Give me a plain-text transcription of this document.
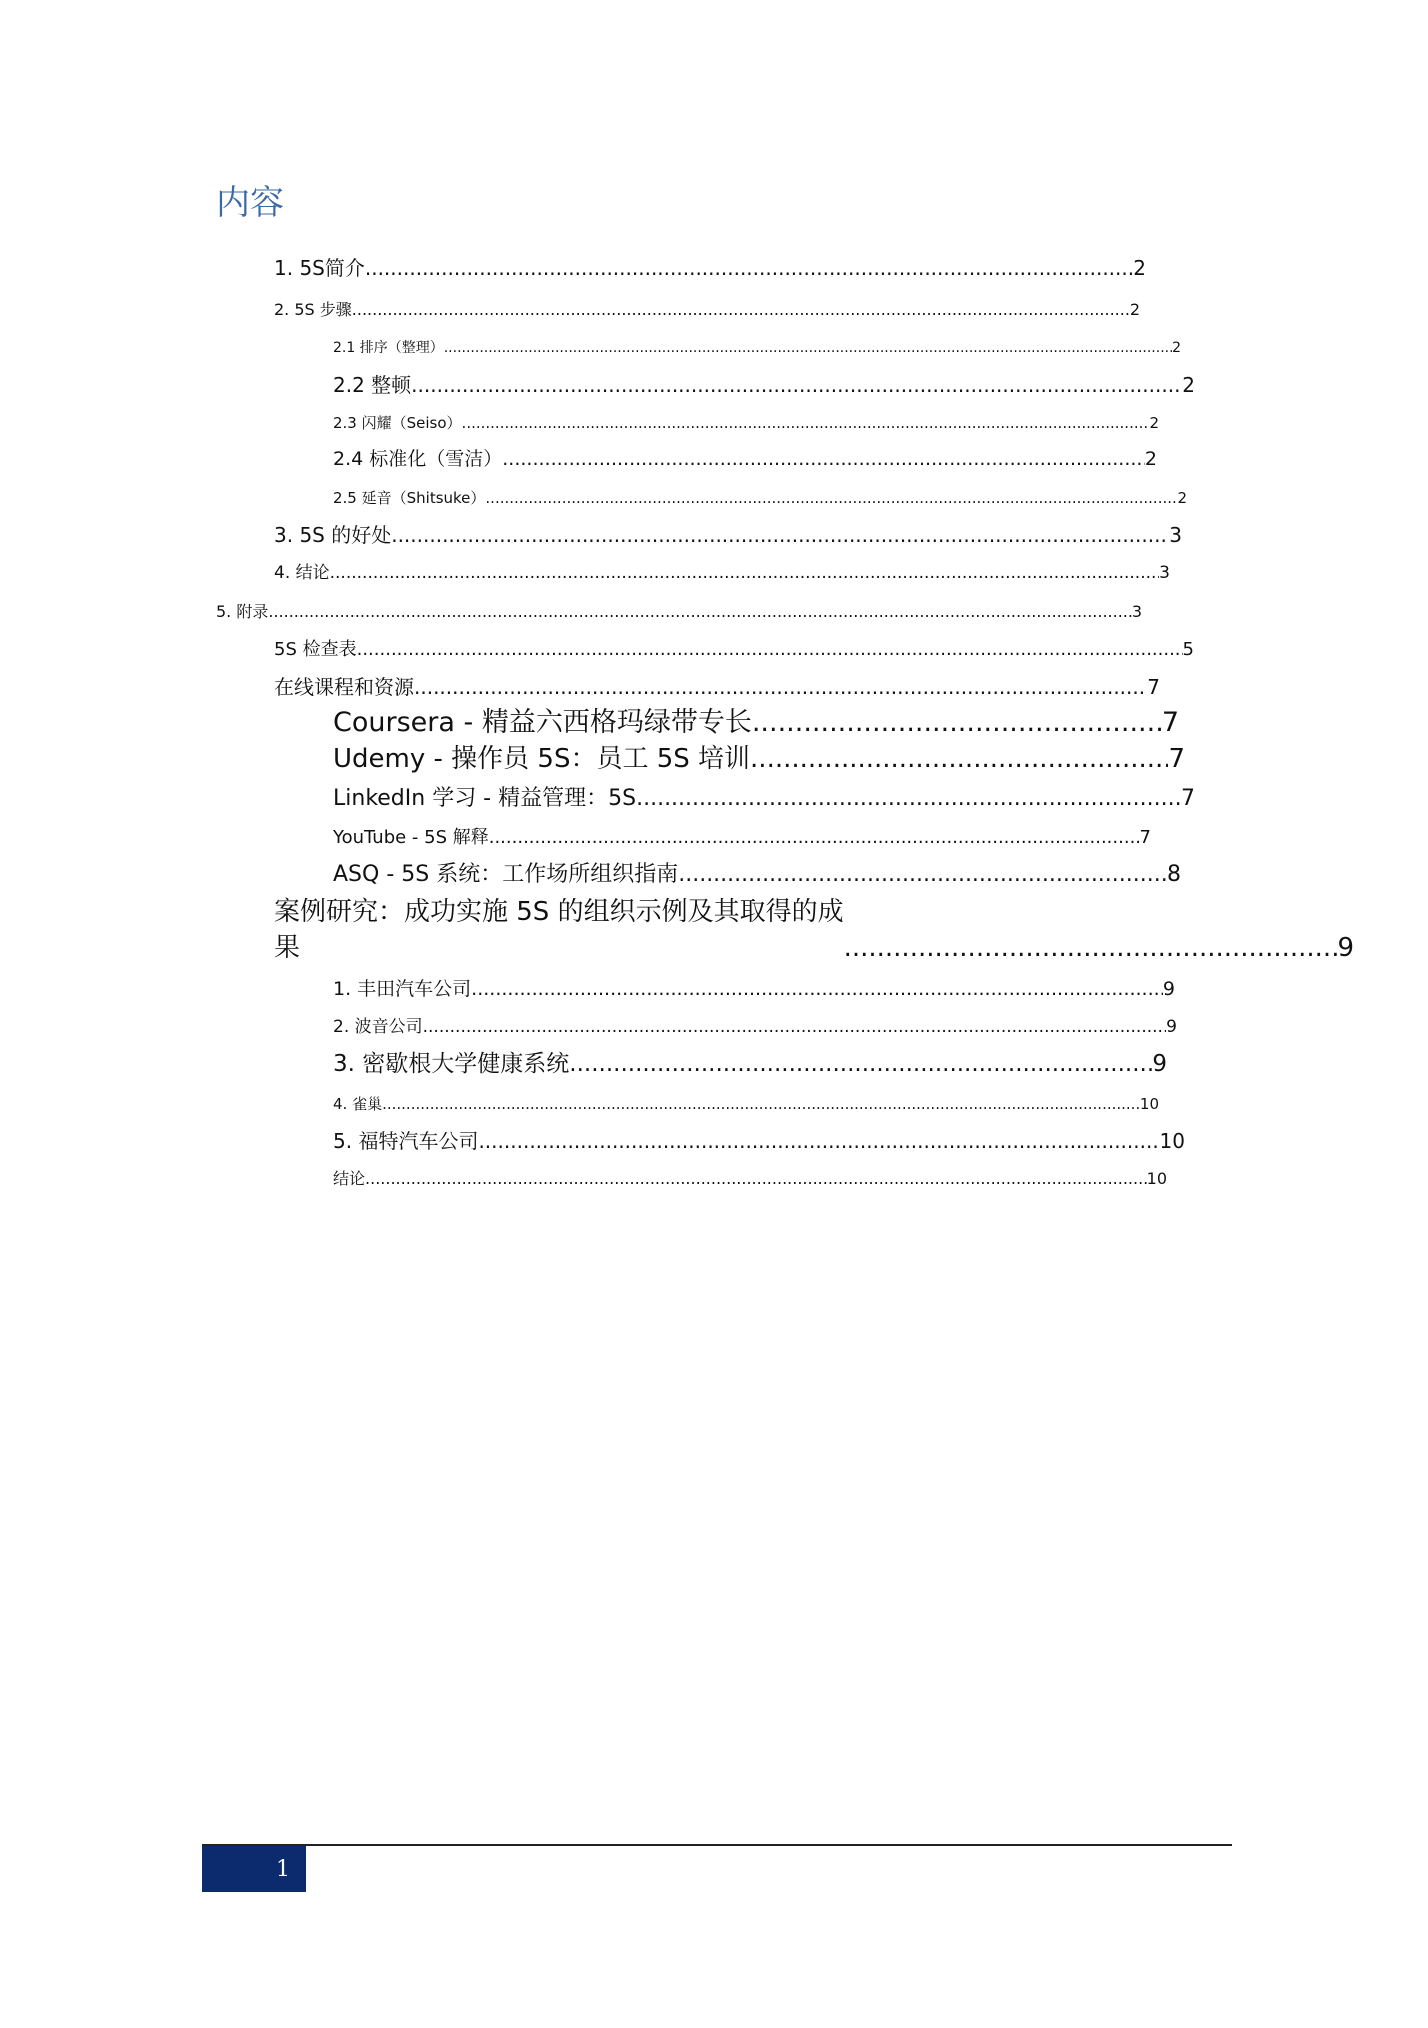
内容
1. 5S简介 .....	2
2. 5S 步骤 .....	2
2.1 排序（整理） .....	2
2.2 整顿 .....	2
2.3 闪耀（Seiso） .....	2
2.4 标准化（雪洁） .....	2
2.5 延音（Shitsuke） .....	2
3. 5S 的好处 .....	3
4. 结论 .....	3
5. 附录 .....	3
5S 检查表 .....	5
在线课程和资源 .....	7
Coursera - 精益六西格玛绿带专长 .....	7
Udemy - 操作员 5S：员工 5S 培训 .....	7
LinkedIn 学习 - 精益管理：5S .....	7
YouTube - 5S 解释 .....	7
ASQ - 5S 系统：工作场所组织指南 .....	8
案例研究：成功实施 5S 的组织示例及其取得的成
果 .....	9
1. 丰田汽车公司 .....	9
2. 波音公司 .....	9
3. 密歇根大学健康系统 .....	9
4. 雀巢 .....	10
5. 福特汽车公司 .....	10
结论 .....	10
1
